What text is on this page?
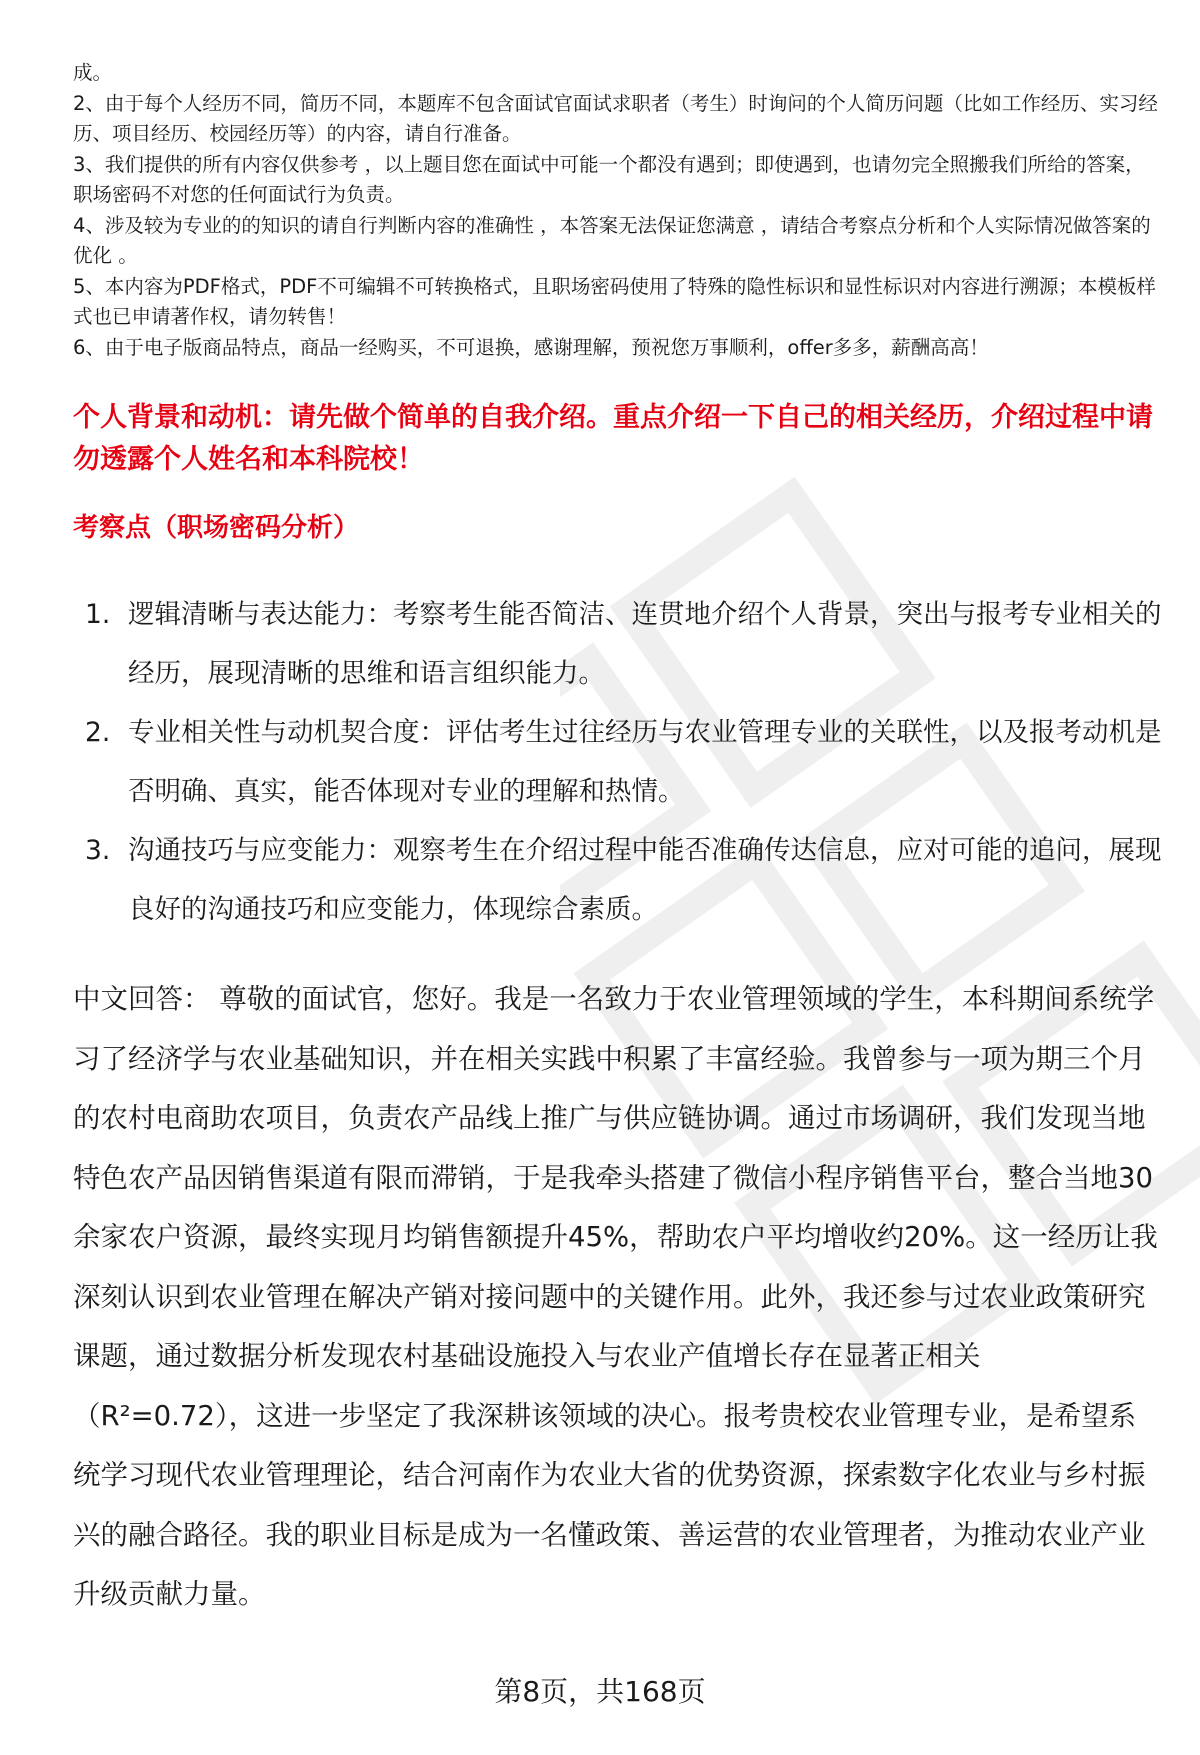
成。

2、由于每个人经历不同，简历不同，本题库不包含面试官面试求职者（考生）时询问的个人简历问题（比如工作经历、实习经历、项目经历、校园经历等）的内容，请自行准备。

3、我们提供的所有内容仅供参考 ，以上题目您在面试中可能一个都没有遇到；即使遇到，也请勿完全照搬我们所给的答案，职场密码不对您的任何面试行为负责。

4、涉及较为专业的的知识的请自行判断内容的准确性 ，本答案无法保证您满意 ，请结合考察点分析和个人实际情况做答案的优化 。

5、本内容为PDF格式，PDF不可编辑不可转换格式，且职场密码使用了特殊的隐性标识和显性标识对内容进行溯源；本模板样式也已申请著作权，请勿转售！

6、由于电子版商品特点，商品一经购买，不可退换，感谢理解，预祝您万事顺利，offer多多，薪酬高高！

个人背景和动机：请先做个简单的自我介绍。重点介绍一下自己的相关经历，介绍过程中请勿透露个人姓名和本科院校！
考察点（职场密码分析）
1. 逻辑清晰与表达能力：考察考生能否简洁、连贯地介绍个人背景，突出与报考专业相关的经历，展现清晰的思维和语言组织能力。
2. 专业相关性与动机契合度：评估考生过往经历与农业管理专业的关联性，以及报考动机是否明确、真实，能否体现对专业的理解和热情。
3. 沟通技巧与应变能力：观察考生在介绍过程中能否准确传达信息，应对可能的追问，展现良好的沟通技巧和应变能力，体现综合素质。

中文回答： 尊敬的面试官，您好。我是一名致力于农业管理领域的学生，本科期间系统学习了经济学与农业基础知识，并在相关实践中积累了丰富经验。我曾参与一项为期三个月的农村电商助农项目，负责农产品线上推广与供应链协调。通过市场调研，我们发现当地特色农产品因销售渠道有限而滞销，于是我牵头搭建了微信小程序销售平台，整合当地30余家农户资源，最终实现月均销售额提升45%，帮助农户平均增收约20%。这一经历让我深刻认识到农业管理在解决产销对接问题中的关键作用。此外，我还参与过农业政策研究课题，通过数据分析发现农村基础设施投入与农业产值增长存在显著正相关（R²=0.72），这进一步坚定了我深耕该领域的决心。报考贵校农业管理专业，是希望系统学习现代农业管理理论，结合河南作为农业大省的优势资源，探索数字化农业与乡村振兴的融合路径。我的职业目标是成为一名懂政策、善运营的农业管理者，为推动农业产业升级贡献力量。

第8页，共168页
